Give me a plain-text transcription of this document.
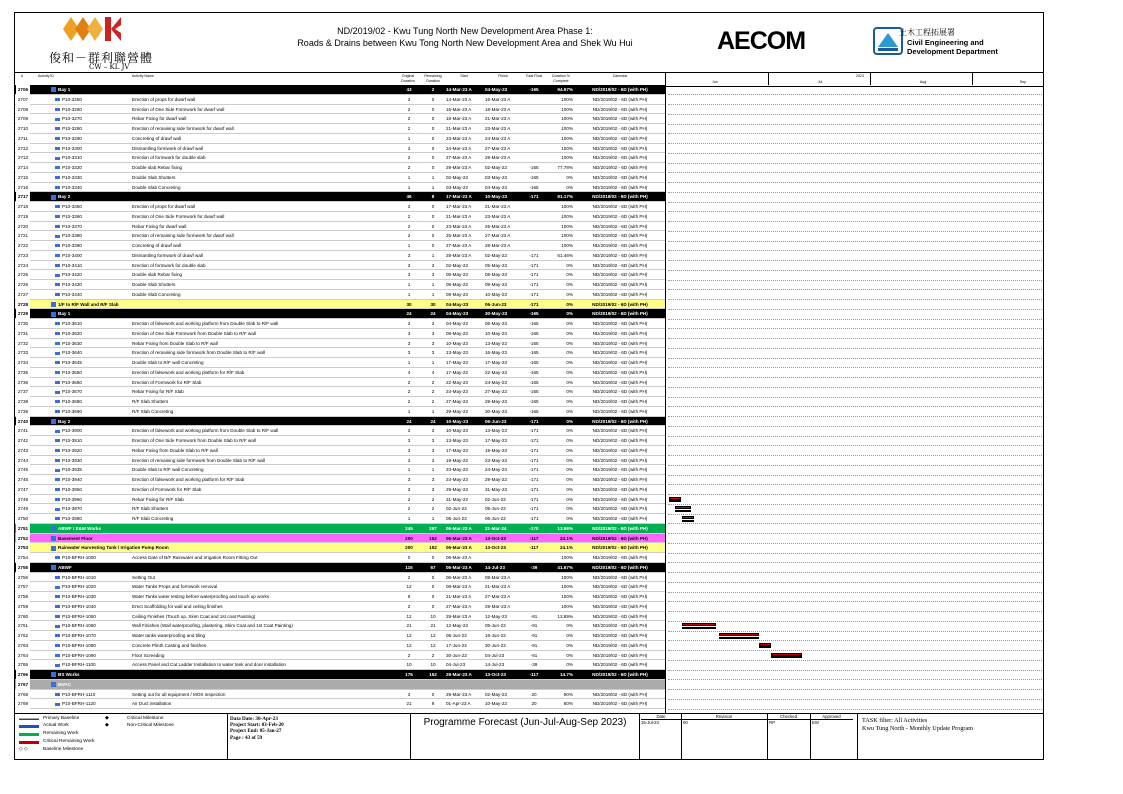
俊和－群利聯營體
CW – KL JV
ND/2019/02 - Kwu Tung North New Development Area Phase 1:
Roads & Drains between Kwu Tong North New Development Area and Shek Wu Hui	AECOM	土木工程拓展署
Civil Engineering and
Development Department
#	Activity ID	Activity Name	Original Duration
Remaining Duration
Start	Finish	Total Float	Duration % Complete
Calendar	2023
Jun	Jul	Aug	Sep
2706	Bay 1	43	2	14-Mar-23 A	04-May-23	-165	94.97%	ND/2019/02 - 6D (with PH)
2707	P10-3250	Erection of props for dwarf wall	3	0	14-Mar-23 A	16-Mar-23 A	100%	ND/2019/02 - 6D (with PH)
2708	P10-3260	Erection of One Side Formwork for dwarf wall	2	0	16-Mar-23 A	18-Mar-23 A	100%	ND/2019/02 - 6D (with PH)
2709	P10-3270	Rebar Fixing for dwarf wall	2	0	18-Mar-23 A	21-Mar-23 A	100%	ND/2019/02 - 6D (with PH)
2710	P10-3280	Erection of remaining side formwork for dwarf wall	2	0	21-Mar-23 A	23-Mar-23 A	100%	ND/2019/02 - 6D (with PH)
2711	P10-3290	Concreting of drawf wall	1	0	23-Mar-23 A	24-Mar-23 A	100%	ND/2019/02 - 6D (with PH)
2712	P10-3300	Dismantling formwork of drawf wall	3	0	24-Mar-23 A	27-Mar-23 A	100%	ND/2019/02 - 6D (with PH)
2713	P10-3310	Erection of formwork for double slab	2	0	27-Mar-23 A	29-Mar-23 A	100%	ND/2019/02 - 6D (with PH)
2714	P10-3320	Double slab Rebar fixing	2	0	29-Mar-23 A	02-May-23	-165	77.78%	ND/2019/02 - 6D (with PH)
2715	P10-3330	Double Slab Shutters	1	1	02-May-23	03-May-23	-165	0%	ND/2019/02 - 6D (with PH)
2716	P10-3340	Double Slab Concreting	1	1	03-May-23	04-May-23	-165	0%	ND/2019/02 - 6D (with PH)
2717	Bay 2	46	8	17-Mar-23 A	10-May-23	-171	81.17%	ND/2019/02 - 6D (with PH)
2718	P10-3350	Erection of props for dwarf wall	3	0	17-Mar-23 A	21-Mar-23 A	100%	ND/2019/02 - 6D (with PH)
2719	P10-3360	Erection of One Side Formwork for dwarf wall	2	0	21-Mar-23 A	23-Mar-23 A	100%	ND/2019/02 - 6D (with PH)
2720	P10-3370	Rebar Fixing for dwarf wall	2	0	23-Mar-23 A	25-Mar-23 A	100%	ND/2019/02 - 6D (with PH)
2721	P10-3380	Erection of remaining side formwork for dwarf wall	2	0	25-Mar-23 A	27-Mar-23 A	100%	ND/2019/02 - 6D (with PH)
2722	P10-3390	Concreting of drawf wall	1	0	27-Mar-23 A	28-Mar-23 A	100%	ND/2019/02 - 6D (with PH)
2723	P10-3400	Dismantling formwork of drawf wall	3	1	28-Mar-23 A	02-May-23	-171	61.46%	ND/2019/02 - 6D (with PH)
2724	P10-3410	Erection of formwork for double slab	3	3	02-May-23	05-May-23	-171	0%	ND/2019/02 - 6D (with PH)
2725	P10-3420	Double slab Rebar fixing	3	3	05-May-23	08-May-23	-171	0%	ND/2019/02 - 6D (with PH)
2726	P10-3430	Double Slab Shutters	1	1	08-May-23	09-May-23	-171	0%	ND/2019/02 - 6D (with PH)
2727	P10-3440	Double Slab Concreting	1	1	09-May-23	10-May-23	-171	0%	ND/2019/02 - 6D (with PH)
2728	1/F to R/F Wall and R/F Slab	30	30	04-May-23	06-Jun-23	-171	0%	ND/2019/02 - 6D (with PH)
2729	Bay 1	24	24	04-May-23	30-May-23	-165	0%	ND/2019/02 - 6D (with PH)
2730	P10-3610	Erection of falsework and working platform from Double Slab to R/F wall	3	3	04-May-23	06-May-23	-165	0%	ND/2019/02 - 6D (with PH)
2731	P10-3620	Erection of One Side Formwork from Double Slab to R/F wall	3	3	08-May-23	10-May-23	-165	0%	ND/2019/02 - 6D (with PH)
2732	P10-3630	Rebar Fixing from Double Slab to R/F wall	3	3	10-May-23	13-May-23	-165	0%	ND/2019/02 - 6D (with PH)
2733	P10-3640	Erection of remaining side formwork from Double Slab to R/F wall	3	3	13-May-23	16-May-23	-165	0%	ND/2019/02 - 6D (with PH)
2734	P10-3645	Double Slab to R/F wall Concreting	1	1	17-May-23	17-May-23	-165	0%	ND/2019/02 - 6D (with PH)
2735	P10-3650	Erection of falsework and working platform for R/F Slab	4	4	17-May-23	22-May-23	-165	0%	ND/2019/02 - 6D (with PH)
2736	P10-3660	Erection of Formwork for R/F Slab	2	2	22-May-23	24-May-23	-165	0%	ND/2019/02 - 6D (with PH)
2737	P10-3670	Rebar Fixing for R/F Slab	2	2	24-May-23	27-May-23	-165	0%	ND/2019/02 - 6D (with PH)
2738	P10-3680	R/F Slab Shutters	2	2	27-May-23	29-May-23	-165	0%	ND/2019/02 - 6D (with PH)
2739	P10-3690	R/F Slab Concreting	1	1	29-May-23	30-May-23	-165	0%	ND/2019/02 - 6D (with PH)
2740	Bay 2	24	24	10-May-23	06-Jun-23	-171	0%	ND/2019/02 - 6D (with PH)
2741	P10-3900	Erection of falsework and working platform from Double Slab to R/F wall	3	3	10-May-23	13-May-23	-171	0%	ND/2019/02 - 6D (with PH)
2742	P10-3910	Erection of One Side Formwork from Double Slab to R/F wall	3	3	13-May-23	17-May-23	-171	0%	ND/2019/02 - 6D (with PH)
2743	P10-3920	Rebar Fixing from Double Slab to R/F wall	3	3	17-May-23	19-May-23	-171	0%	ND/2019/02 - 6D (with PH)
2744	P10-3930	Erection of remaining side formwork from Double Slab to R/F wall	3	3	19-May-23	23-May-23	-171	0%	ND/2019/02 - 6D (with PH)
2745	P10-3935	Double Slab to R/F wall Concreting	1	1	23-May-23	24-May-23	-171	0%	ND/2019/02 - 6D (with PH)
2746	P10-3940	Erection of falsework and working platform for R/F Slab	3	3	24-May-23	29-May-23	-171	0%	ND/2019/02 - 6D (with PH)
2747	P10-3950	Erection of Formwork for R/F Slab	3	3	29-May-23	31-May-23	-171	0%	ND/2019/02 - 6D (with PH)
2748	P10-3960	Rebar Fixing for R/F Slab	2	2	31-May-23	02-Jun-23	-171	0%	ND/2019/02 - 6D (with PH)
2749	P10-3970	R/F Slab Shutters	2	2	02-Jun-23	05-Jun-23	-171	0%	ND/2019/02 - 6D (with PH)
2750	P10-3980	R/F Slab Concreting	1	1	05-Jun-23	06-Jun-23	-171	0%	ND/2019/02 - 6D (with PH)
2751	ABWF / E&M Works	245	297	06-Mar-23 A	21-Mar-24	-170	13.96%	ND/2019/02 - 6D (with PH)
2752	Basement Floor	200	152	06-Mar-23 A	13-Oct-23	-117	24.1%	ND/2019/02 - 6D (with PH)
2753	Rainwater Harvesting Tank / Irrigation Pump Room	200	152	06-Mar-23 A	13-Oct-23	-117	24.1%	ND/2019/02 - 6D (with PH)
2754	P10-BFRH-1000	Access Date of B/F Rainwater and Irrigation Room Fitting Out	0	0	06-Mar-23 A	100%	ND/2019/02 - 6D (with PH)
2755	ABWF	115	67	06-Mar-23 A	14-Jul-23	-39	41.67%	ND/2019/02 - 6D (with PH)
2756	P10-BFRH-1010	Setting Out	2	0	06-Mar-23 A	08-Mar-23 A	100%	ND/2019/02 - 6D (with PH)
2757	P10-BFRH-1020	Water Tanks Props and formwork removal	12	0	08-Mar-23 A	21-Mar-23 A	100%	ND/2019/02 - 6D (with PH)
2758	P10-BFRH-1030	Water Tanks water testing before waterproofing and touch up works	6	0	21-Mar-23 A	27-Mar-23 A	100%	ND/2019/02 - 6D (with PH)
2759	P10-BFRH-1040	Erect Scaffolding for wall and ceiling finishes	2	0	27-Mar-23 A	29-Mar-23 A	100%	ND/2019/02 - 6D (with PH)
2760	P10-BFRH-1050	Ceiling Finishes (Touch up, Skim Coat and 1st coat Painting)	12	10	29-Mar-23 A	12-May-23	-91	13.89%	ND/2019/02 - 6D (with PH)
2761	P10-BFRH-1060	Wall Finishes (Wall waterproofing, plastering, Skim Coat and 1st Coat Painting)	21	21	12-May-23	05-Jun-23	-91	0%	ND/2019/02 - 6D (with PH)
2762	P10-BFRH-1070	Water tanks waterproofing and tiling	12	12	05-Jun-23	16-Jun-23	-91	0%	ND/2019/02 - 6D (with PH)
2763	P10-BFRH-1080	Concrete Plinth Casting and finishes	12	12	17-Jun-23	30-Jun-23	-91	0%	ND/2019/02 - 6D (with PH)
2764	P10-BFRH-1090	Floor Screeding	2	2	30-Jun-23	04-Jul-23	-91	0%	ND/2019/02 - 6D (with PH)
2765	P10-BFRH-1100	Access Panel and Cat Ladder Installation to water tank and door installation	10	10	04-Jul-23	14-Jul-23	-39	0%	ND/2019/02 - 6D (with PH)
2766	BS Works	176	152	29-Mar-23 A	13-Oct-23	-117	14.7%	ND/2019/02 - 6D (with PH)
2767	MVAC
2768	P10-BFRH-1110	Setting out for all equipment / MOS inspection	3	0	29-Mar-23 A	02-May-23	20	90%	ND/2019/02 - 6D (with PH)
2769	P10-BFRH-1120	Air Duct installation	21	9	01-Apr-23 A	10-May-23	20	60%	ND/2019/02 - 6D (with PH)
Primary Baseline
Actual Work
Remaining Work
Critical Remaining Work
◇ ◇	Baseline Milestone
◆	Critical Milestone
◆	Non-Critical Milestone
Data Date: 30-Apr-23
Project Start: 03-Feb-20
Project End: 05-Jan-27
Page : 43 of 59
Programme Forecast (Jun-Jul-Aug-Sep 2023)
Date	Revision	Checked	Approved
15-Jul-23	00	RP	EW	TASK filter: All Activities
Kwu Tung North - Monthly Update Program
